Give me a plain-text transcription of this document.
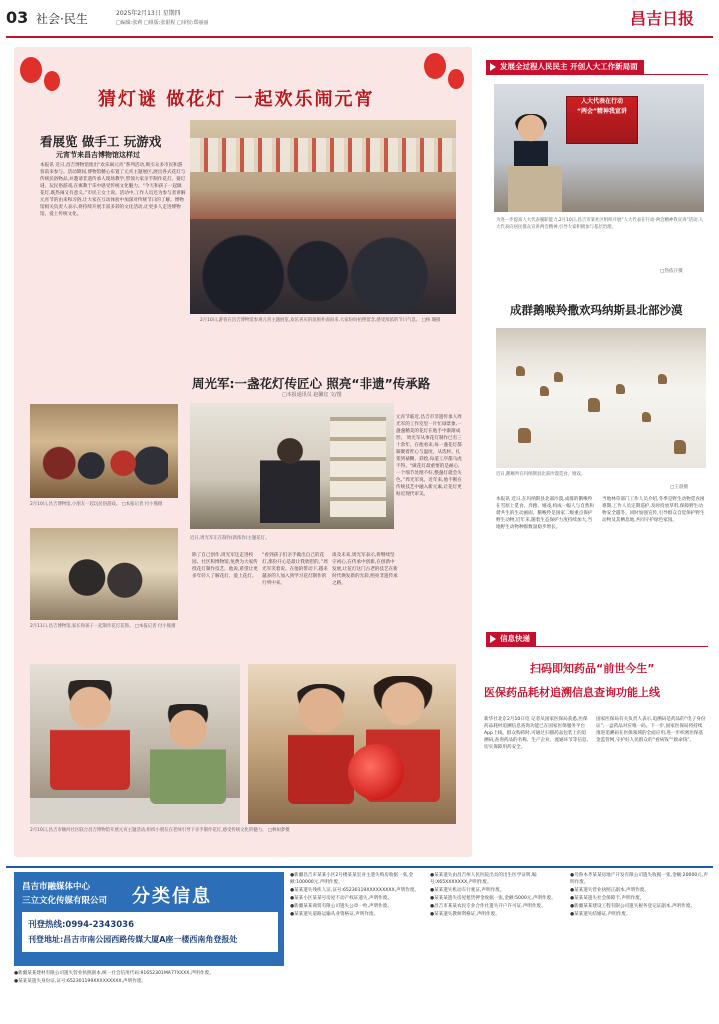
03 社会·民生	2025年2月13日 星期四
□编辑:张莉 □组版:张银程 □审校:郑丽丽	昌吉日报
猜灯谜 做花灯 一起欢乐闹元宵
看展览 做手工 玩游戏
元宵节来昌吉博物馆这样过
本报讯 近日,昌吉博物馆推出“欢乐闹元宵”系列活动,吸引众多市民和游客前来参与。活动期间,博物馆精心布置了元宵主题展区,展出各式花灯与传统民俗物品,并邀请非遗传承人现场教学,带领大家亲手制作花灯、猜灯谜、玩民俗游戏,在寓教于乐中感受传统文化魅力。“今天和孩子一起做花灯,既热闹又有意义。”市民王女士说。活动中,工作人员还为参与者讲解元宵节的由来和习俗,让大家在互动体验中加深对传统节日的了解。博物馆相关负责人表示,将持续开展丰富多彩的文化活动,让更多人走进博物馆、爱上传统文化。
2月10日,游客在昌吉博物馆参观元宵主题展览,欢乐喜庆的氛围扑面而来,大家纷纷拍照留念,感受浓浓的节日气息。 □杨 璐摄
周光军:一盏花灯传匠心 照亮“非遗”传承路
□本报通讯员 赵馨宜 文/图
2月10日,昌吉博物馆,小朋友一起玩民俗游戏。 □本报记者 付小熊摄
2月11日,昌吉博物馆,家长和孩子一起制作花灯花饰。 □本报记者 付小熊摄
近日,周光军正在制作(新浓作)主题花灯。
元宵节临近,昌吉市非遗传承人周光军的工作室里一片忙碌景象,一盏盏精美的花灯在他手中渐渐成形。 周光军从事花灯制作已有三十余年。在他看来,每一盏花灯都凝聚着匠心与温度。从选材、扎架到裱糊、彩绘,每道工序都马虎不得。“做花灯最重要的是耐心,一个细节处理不好,整盏灯就会失色。”周光军说。近年来,他不断在传统技艺中融入新元素,让花灯更贴近现代审美。
除了自己创作,周光军还走进校园、社区和博物馆,免费为大家传授花灯制作技艺。他说,希望让更多年轻人了解花灯、爱上花灯。
“看到孩子们亲手做出自己的花灯,那份开心是最让我欣慰的。”周光军笑着说。在他的带动下,越来越多的人加入到学习花灯制作的行列中来。
谈及未来,周光军表示,将继续坚守初心,在传承中创新,在创新中发展,让花灯这门古老的技艺在新时代焕发新的光彩,照亮非遗传承之路。
2月10日,昌吉市额河社区联合昌吉博物馆开展元宵主题活动,组织小朋友在老师引导下亲手制作花灯,感受传统文化的魅力。 □林如梦摄
发展全过程人民民主 开创人大工作新局面
人大代表在行动
“两会”精神我宣讲
为进一步提高人大代表履职能力,2月10日,昌吉市某社区组织开展“人大代表在行动·两会精神我宣讲”活动,人大代表向居民群众宣讲两会精神,引导大家积极参与基层治理。
□热依汗摄
成群鹅喉羚撒欢玛纳斯县北部沙漠
近日,鹅喉羚在玛纳斯县北部沙漠觅食、嬉戏。
□王晨摄
本报讯 近日,在玛纳斯县北部沙漠,成群的鹅喉羚在雪原上觅食、奔跑、嬉戏,构成一幅人与自然和谐共生的生动画面。鹅喉羚是国家二级重点保护野生动物,近年来,随着生态保护力度持续加大,当地野生动物种群数量稳步增长。
当地林草部门工作人员介绍,冬季是野生动物觅食困难期,工作人员定期巡护,及时投放草料,保障野生动物安全越冬。同时加强宣传,引导群众自觉保护野生动物及其栖息地,共同守护绿色家园。
信息快递
扫码即知药品“前世今生”
医保药品耗材追溯信息查询功能上线
新华社北京2月10日电 记者从国家医保局获悉,医保药品耗材追溯信息查询功能已在国家医保服务平台App上线。群众购药时,可通过扫描药品包装上的追溯码,查询药品的名称、生产企业、流通环节等信息,切实保障用药安全。
国家医保局有关负责人表示,追溯码是药品的“电子身份证”,一盒药品对应唯一码。下一步,国家医保局将持续推进追溯码在医保领域的全面应用,进一步织密医保基金监管网,守护好人民群众的“看病钱”“救命钱”。
昌吉市融媒体中心
三立文化传媒有限公司 分类信息
刊登热线:0994-2343036
刊登地址:昌吉市南公园西路传媒大厦A座一楼西南角登报处

●新疆某某建材有限公司遗失营业执照副本,统一社会信用代码:91652301MA77XXXX,声明作废。

●某某某遗失身份证,证号:652301199XXXXXXXXX,声明作废。

●新疆昌吉市某某小区2号楼某某室业主遗失购房收据一张,金额:100000元,声明作废。

●某某遗失残疾人证,证号:65230119XXXXXXXXX,声明作废。

●某某小区某某号房屋不动产权证遗失,声明作废。

●新疆某某商贸有限公司遗失公章一枚,声明作废。

●某某遗失道路运输从业资格证,声明作废。

●某某遗失由昌吉州人民医院出具的出生医学证明,编号:X65XXXXXXX,声明作废。

●某某遗失机动车行驶证,声明作废。

●某某某遗失房屋租赁押金收据一张,金额:5000元,声明作废。

●昌吉市某某农民专业合作社遗失开户许可证,声明作废。

●某某遗失教师资格证,声明作废。

●乌鲁木齐某某房地产开发有限公司遗失收据一张,金额:20000元,声明作废。

●某某遗失营业执照正副本,声明作废。

●某某某遗失社会保障卡,声明作废。

●新疆某某建设工程有限公司遗失税务登记证副本,声明作废。

●某某遗失结婚证,声明作废。
